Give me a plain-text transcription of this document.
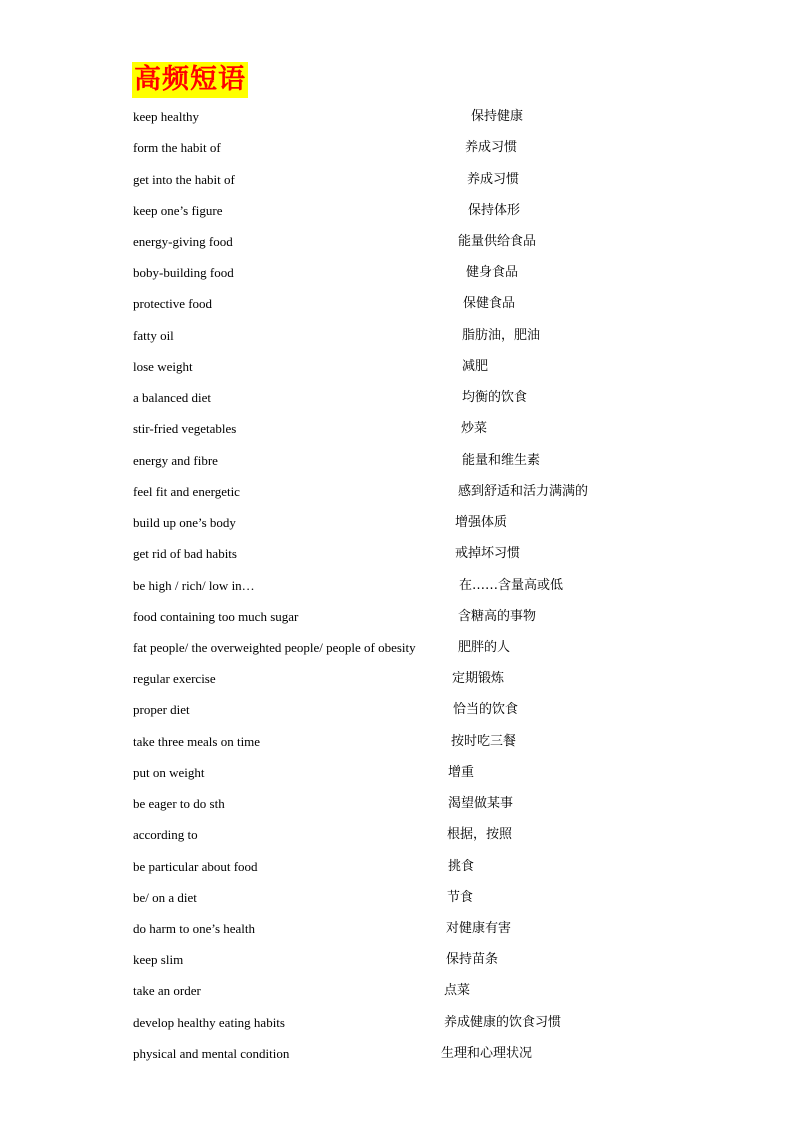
高频短语
keep healthy	保持健康
form the habit of	养成习惯
get into the habit of	养成习惯
keep one’s figure	保持体形
energy-giving food	能量供给食品
boby-building food	健身食品
protective food	保健食品
fatty oil	脂肪油，肥油
lose weight	减肥
a balanced diet	均衡的饮食
stir-fried vegetables	炒菜
energy and fibre	能量和维生素
feel fit and energetic	感到舒适和活力满满的
build up one’s body	增强体质
get rid of bad habits	戒掉坏习惯
be high / rich/ low in…	在……含量高或低
food containing too much sugar	含糖高的事物
fat people/ the overweighted people/ people of obesity	肥胖的人
regular exercise	定期锻炼
proper diet	恰当的饮食
take three meals on time	按时吃三餐
put on weight	增重
be eager to do sth	渴望做某事
according to	根据，按照
be particular about food	挑食
be/ on a diet	节食
do harm to one’s health	对健康有害
keep slim	保持苗条
take an order	点菜
develop healthy eating habits	养成健康的饮食习惯
physical and mental condition	生理和心理状况
